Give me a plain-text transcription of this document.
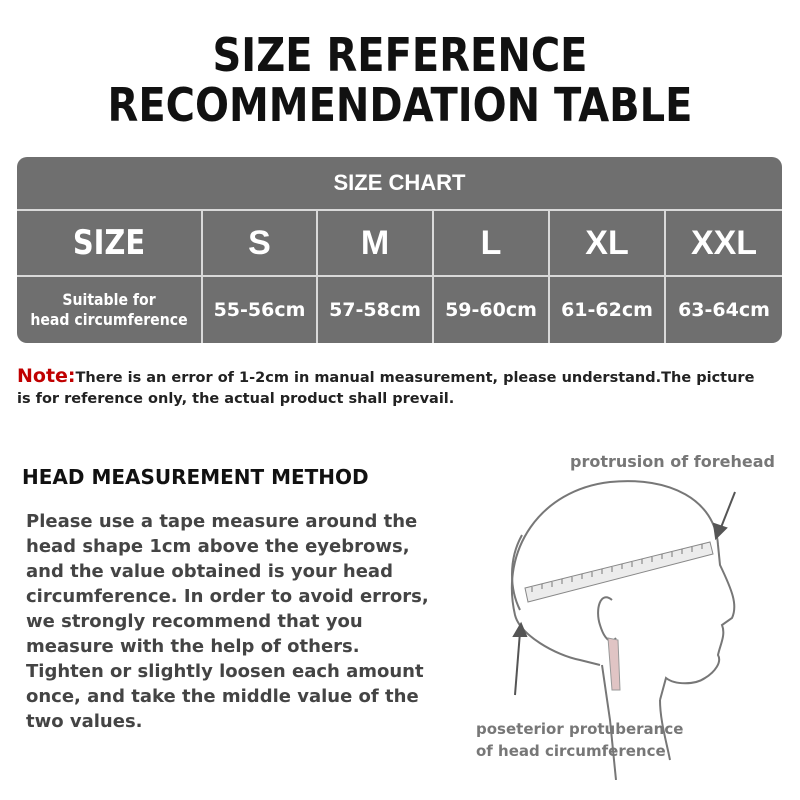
SIZE REFERENCE
RECOMMENDATION TABLE
SIZE CHART
SIZE	S	M	L	XL	XXL
Suitable for
head circumference	55-56cm	57-58cm	59-60cm	61-62cm	63-64cm
Note:There is an error of 1-2cm in manual measurement, please understand.The picture
is for reference only, the actual product shall prevail.
HEAD MEASUREMENT METHOD
Please use a tape measure around the
head shape 1cm above the eyebrows,
and the value obtained is your head
circumference. In order to avoid errors,
we strongly recommend that you
measure with the help of others.
Tighten or slightly loosen each amount
once, and take the middle value of the
two values.
protrusion of forehead
poseterior protuberance
of head circumference
